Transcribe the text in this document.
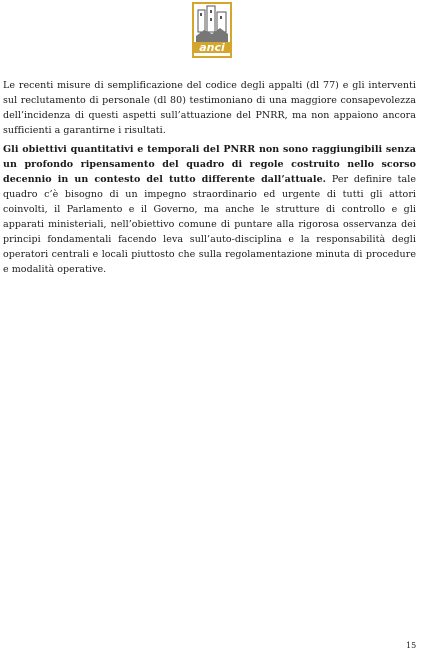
anci

Le recenti misure di semplificazione del codice degli appalti (dl 77) e gli interventi sul reclutamento di personale (dl 80) testimoniano di una maggiore consapevolezza dell’incidenza di questi aspetti sull’attuazione del PNRR, ma non appaiono ancora sufficienti a garantirne i risultati.

Gli obiettivi quantitativi e temporali del PNRR non sono raggiungibili senza un profondo ripensamento del quadro di regole costruito nello scorso decennio in un contesto del tutto differente dall’attuale. Per definire tale quadro c’è bisogno di un impegno straordinario ed urgente di tutti gli attori coinvolti, il Parlamento e il Governo, ma anche le strutture di controllo e gli apparati ministeriali, nell’obiettivo comune di puntare alla rigorosa osservanza dei principi fondamentali facendo leva sull’auto-disciplina e la responsabilità degli operatori centrali e locali piuttosto che sulla regolamentazione minuta di procedure e modalità operative.

15
